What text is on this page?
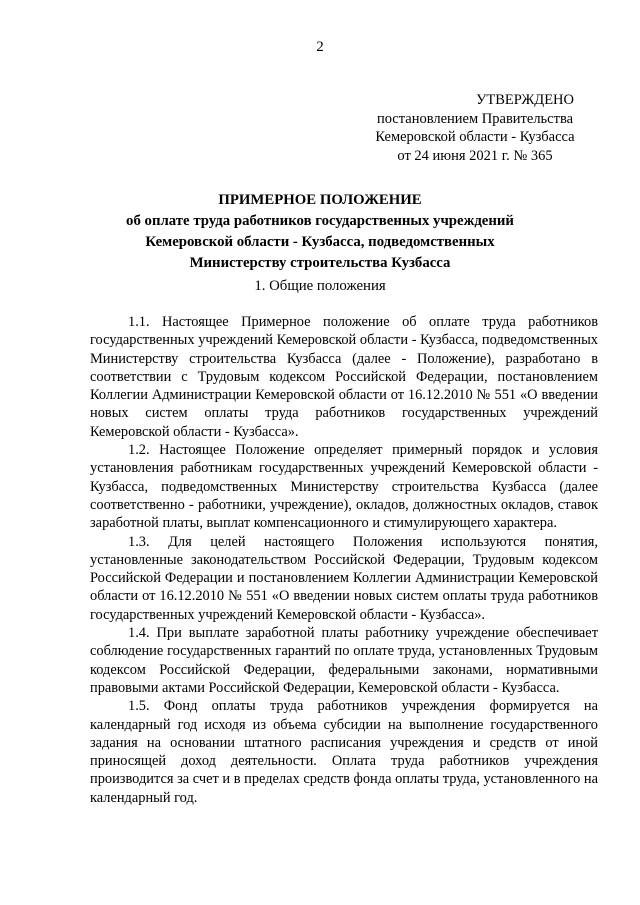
2
УТВЕРЖДЕНО
постановлением Правительства
Кемеровской области - Кузбасса
от 24 июня 2021 г. № 365
ПРИМЕРНОЕ ПОЛОЖЕНИЕ
об оплате труда работников государственных учреждений
Кемеровской области - Кузбасса, подведомственных
Министерству строительства Кузбасса
1. Общие положения

1.1. Настоящее Примерное положение об оплате труда работников государственных учреждений Кемеровской области - Кузбасса, подведомственных Министерству строительства Кузбасса (далее - Положение), разработано в соответствии с Трудовым кодексом Российской Федерации, постановлением Коллегии Администрации Кемеровской области от 16.12.2010 № 551 «О введении новых систем оплаты труда работников государственных учреждений Кемеровской области - Кузбасса».

1.2. Настоящее Положение определяет примерный порядок и условия установления работникам государственных учреждений Кемеровской области - Кузбасса, подведомственных Министерству строительства Кузбасса (далее соответственно - работники, учреждение), окладов, должностных окладов, ставок заработной платы, выплат компенсационного и стимулирующего характера.

1.3. Для целей настоящего Положения используются понятия, установленные законодательством Российской Федерации, Трудовым кодексом Российской Федерации и постановлением Коллегии Администрации Кемеровской области от 16.12.2010 № 551 «О введении новых систем оплаты труда работников государственных учреждений Кемеровской области - Кузбасса».

1.4. При выплате заработной платы работнику учреждение обеспечивает соблюдение государственных гарантий по оплате труда, установленных Трудовым кодексом Российской Федерации, федеральными законами, нормативными правовыми актами Российской Федерации, Кемеровской области - Кузбасса.

1.5. Фонд оплаты труда работников учреждения формируется на календарный год исходя из объема субсидии на выполнение государственного задания на основании штатного расписания учреждения и средств от иной приносящей доход деятельности. Оплата труда работников учреждения производится за счет и в пределах средств фонда оплаты труда, установленного на календарный год.
